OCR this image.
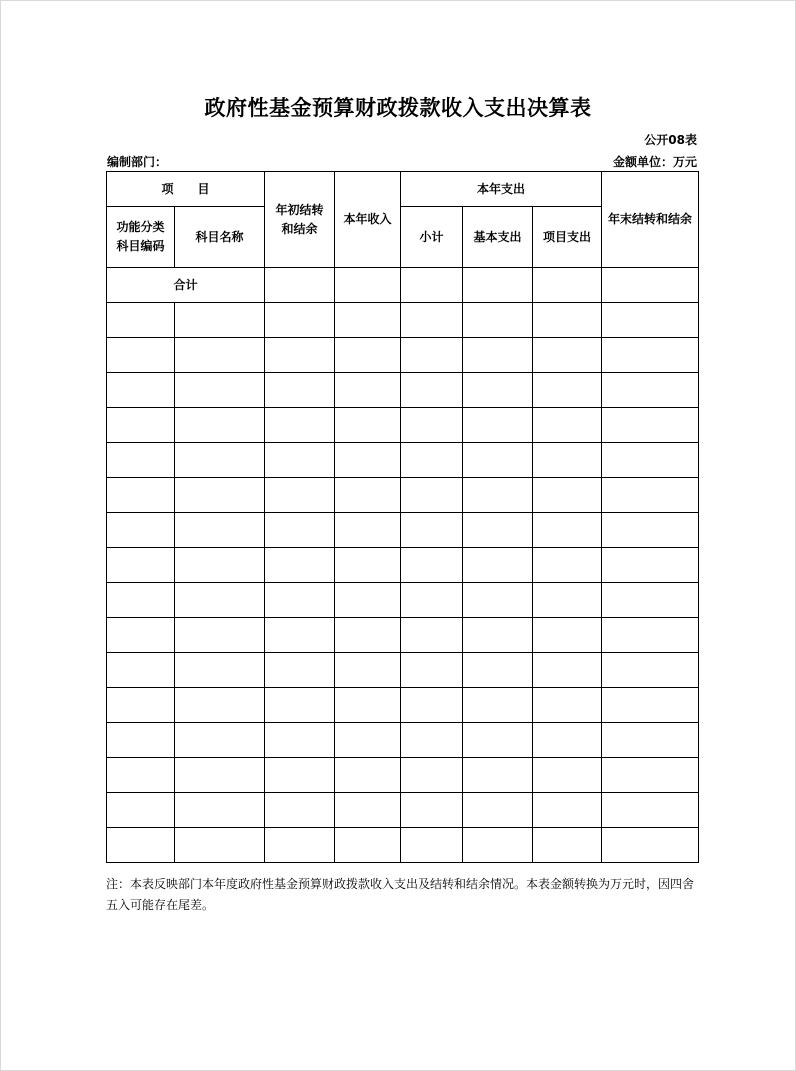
政府性基金预算财政拨款收入支出决算表
公开08表
编制部门：	金额单位：万元
项　　目		年初结转和结余	本年收入	本年支出			年末结转和结余
功能分类科目编码	科目名称			小计	基本支出	项目支出	
合计							

注：本表反映部门本年度政府性基金预算财政拨款收入支出及结转和结余情况。本表金额转换为万元时，因四舍五入可能存在尾差。
